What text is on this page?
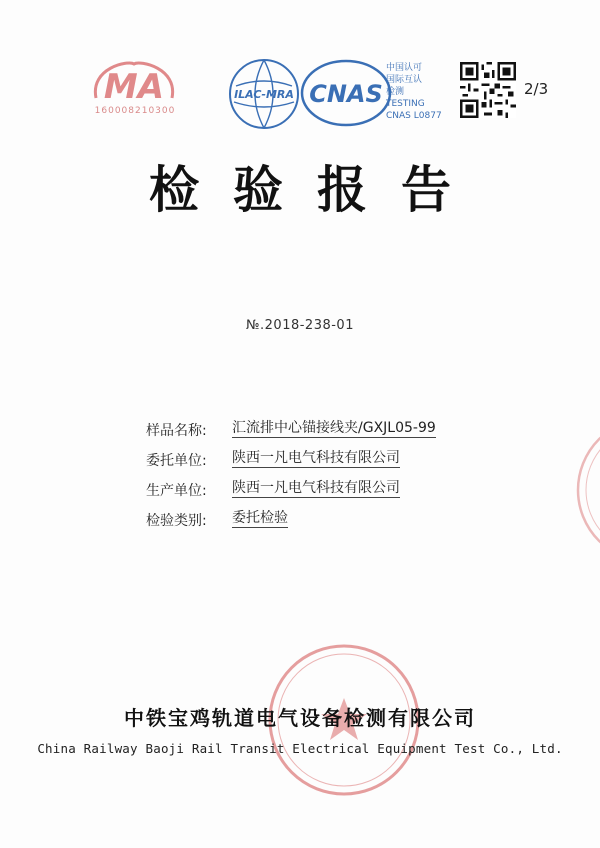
MA
160008210300
ILAC-MRA CNAS
中国认可
国际互认
检测
TESTING
CNAS L0877
2/3
检验报告
№.2018-238-01
样品名称:	汇流排中心锚接线夹/GXJL05-99
委托单位:	陕西一凡电气科技有限公司
生产单位:	陕西一凡电气科技有限公司
检验类别:	委托检验
中铁宝鸡轨道电气设备检测有限公司
China Railway Baoji Rail Transit Electrical Equipment Test Co., Ltd.
